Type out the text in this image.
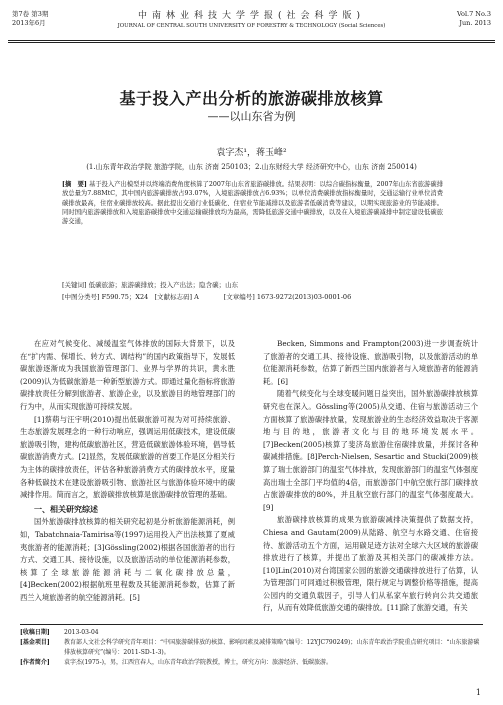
第7卷 第3期
2013年6月
中南林业科技大学学报(社会科学版)
JOURNAL OF CENTRAL SOUTH UNIVERSITY OF FORESTRY & TECHNOLOGY (Social Sciences)
Vol.7 No.3
Jun. 2013
基于投入产出分析的旅游碳排放核算
——以山东省为例
袁字杰¹，蒋玉峰²
(1.山东青年政治学院 旅游学院，山东 济南 250103；2.山东财经大学 经济研究中心，山东 济南 250014)
[摘　要] 基于投入产出模型并以终端消费角度核算了2007年山东省旅游碳排放。结果表明：以综合碳指标衡量，2007年山东省旅游碳排放总量为7.88MtC，其中国内旅游碳排放占93.07%，入境旅游碳排放占6.93%；以单位消费碳排放指标衡量时，交通运输行业单位消费碳排放最高，住宿业碳排放较高。据此提出交通行业低碳化、住宿业节能减排以及旅游者低碳消费等建议，以期实现旅游业的节能减排。同时国内旅游碳排放和入境旅游碳排放中交通运输碳排放均为最高，需降低旅游交通中碳排放，以及在入境旅游碳减排中制定建设低碳旅游交通，
[关键词] 低碳旅游；旅游碳排放；投入产出法；隐含碳；山东
[中图分类号] F590.75；X24 [文献标志码] A	[文章编号] 1673-9272(2013)03-0001-06

在应对气候变化、减缓温室气体排放的国际大背景下，以及在“扩内需、保增长、转方式、调结构”的国内政策指导下，发展低碳旅游逐渐成为我国旅游管理部门、业界与学界的共识，黄永胜(2009)认为低碳旅游是一种新型旅游方式。即通过量化指标将旅游碳排放责任分解到旅游者、旅游企业，以及旅游目的地管理部门的行为中，从而实现旅游可持续发展。

[1]蔡萌与汪宇明(2010)提出低碳旅游可视为对可持续旅游、生态旅游发展理念的一种行动响应，强调运用低碳技术，建设低碳旅游吸引物，建构低碳旅游社区，营造低碳旅游体验环境，倡导低碳旅游消费方式。[2]显然，发展低碳旅游的首要工作是区分相关行为主体的碳排放责任，评估各种旅游消费方式的碳排放水平，度量各种低碳技术在建设旅游吸引物、旅游社区与旅游体验环境中的碳减排作用。简而言之，旅游碳排放核算是旅游碳排放管理的基础。

一、相关研究综述

国外旅游碳排放核算的相关研究起初是分析旅游能源消耗，例如，Tabatchnaia-Tamirisa等(1997)运用投入产出法核算了夏威夷旅游者的能源消耗；[3]Gössling(2002)根据各国旅游者的出行方式、交通工具、接待设施，以及旅游活动的单位能源消耗参数，核算了全球旅游能源消耗与二氧化碳排放总量，[4]Becken(2002)根据航班里程数及其能源消耗参数，估算了新西兰入境旅游者的航空能源消耗。[5]

Becken, Simmons and Frampton(2003)进一步调查统计了旅游者的交通工具、接待设施、旅游吸引物，以及旅游活动的单位能源消耗参数，估算了新西兰国内旅游者与入境旅游者的能源消耗。[6]

随着气候变化与全球变暖问题日益突出，国外旅游碳排放核算研究也在深入。Gössling等(2005)从交通、住宿与旅游活动三个方面核算了旅游碳排放量，发现旅游业的生态经济效益取决于客源地与目的地，旅游者文化与目的地环境发展水平。[7]Becken(2005)核算了斐济岛旅游住宿碳排放量，并探讨各种碳减排措施。[8]Perch-Nielsen, Sesartic and Stucki(2009)核算了瑞士旅游部门的温室气体排放，发现旅游部门的温室气体强度高出瑞士全部门平均值的4倍，而旅游部门中航空旅行部门碳排放占旅游碳排放的80%，并且航空旅行部门的温室气体强度最大。[9]

旅游碳排放核算的成果为旅游碳减排决策提供了数据支持，Chiesa and Gautam(2009)从陆路、航空与水路交通、住宿接待、旅游活动五个方面，运用碳足迹方法对全球六大区域的旅游碳排放进行了核算，并提出了旅游及其相关部门的碳减排方法。[10]Lin(2010)对台湾国家公园的旅游交通碳排放进行了估算，认为管理部门可同通过积极管理，限行规定与调整价格等措施，提高公园内的交通负载因子，引导人们从私家车旅行转向公共交通旅行，从而有效降低旅游交通的碳排放。[11]除了旅游交通，有关

[收稿日期]	2013-03-04
[基金项目]	教育部人文社会科学研究青年项目：“中国旅游碳排放的核算、影响因素及减排策略”(编号：12YJC790249)；山东青年政治学院重点研究项目：“山东旅游碳排放核算研究”(编号：2011-SD-1-3)。
[作者简介]	袁字杰(1975-)，男，江西宜春人，山东青年政治学院教授，博士，研究方向：旅游经济、低碳旅游。
1
